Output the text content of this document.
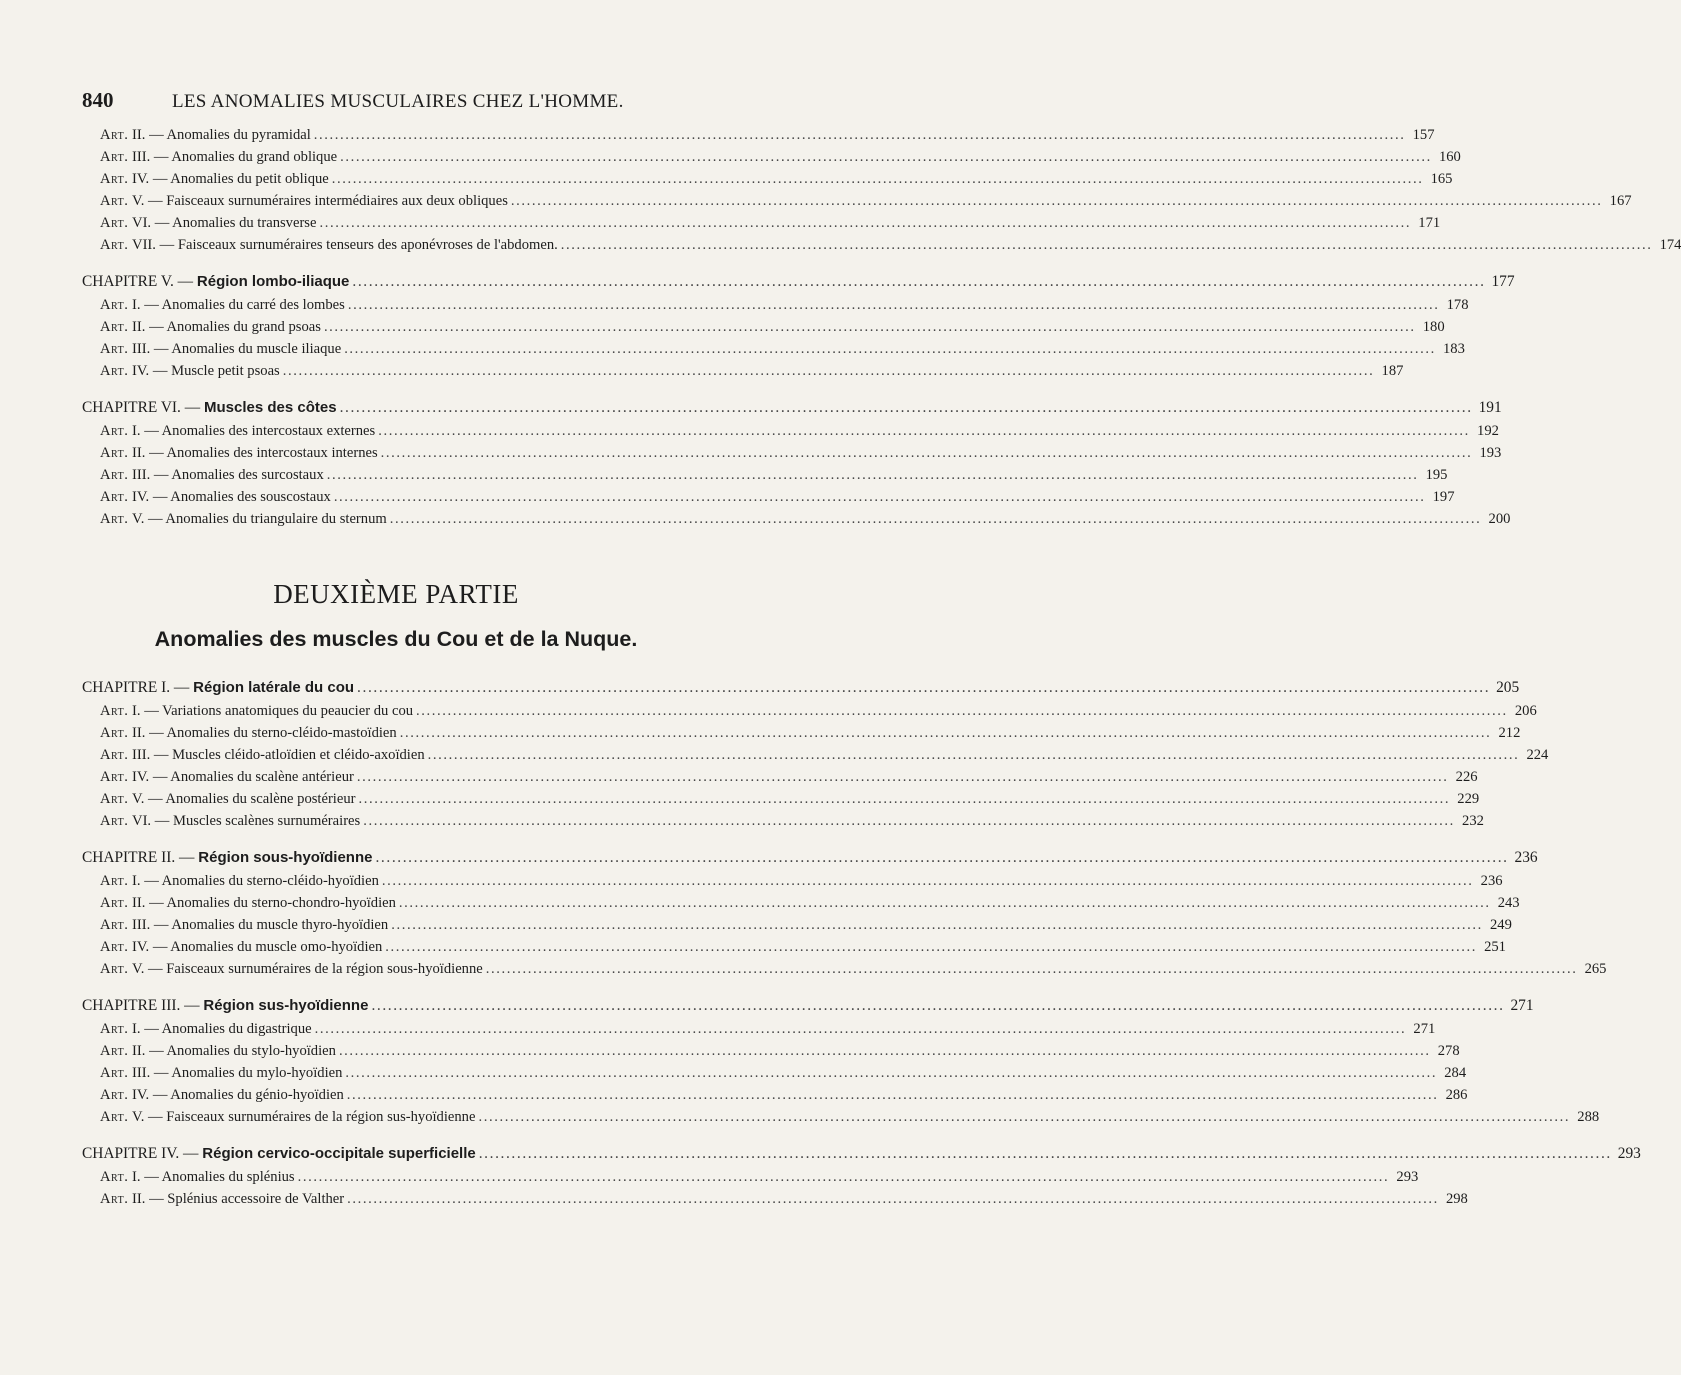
840	LES ANOMALIES MUSCULAIRES CHEZ L'HOMME.
Art. II. — Anomalies du pyramidal .....	157
Art. III. — Anomalies du grand oblique .....	160
Art. IV. — Anomalies du petit oblique .....	165
Art. V. — Faisceaux surnuméraires intermédiaires aux deux obliques .....	167
Art. VI. — Anomalies du transverse .....	171
Art. VII. — Faisceaux surnuméraires tenseurs des aponévroses de l'abdomen. .....	174
CHAPITRE V. — Région lombo-iliaque .....	177
Art. I. — Anomalies du carré des lombes .....	178
Art. II. — Anomalies du grand psoas .....	180
Art. III. — Anomalies du muscle iliaque .....	183
Art. IV. — Muscle petit psoas .....	187
CHAPITRE VI. — Muscles des côtes .....	191
Art. I. — Anomalies des intercostaux externes .....	192
Art. II. — Anomalies des intercostaux internes .....	193
Art. III. — Anomalies des surcostaux .....	195
Art. IV. — Anomalies des souscostaux .....	197
Art. V. — Anomalies du triangulaire du sternum .....	200
DEUXIÈME PARTIE
Anomalies des muscles du Cou et de la Nuque.
CHAPITRE I. — Région latérale du cou .....	205
Art. I. — Variations anatomiques du peaucier du cou .....	206
Art. II. — Anomalies du sterno-cléido-mastoïdien .....	212
Art. III. — Muscles cléido-atloïdien et cléido-axoïdien .....	224
Art. IV. — Anomalies du scalène antérieur .....	226
Art. V. — Anomalies du scalène postérieur .....	229
Art. VI. — Muscles scalènes surnuméraires .....	232
CHAPITRE II. — Région sous-hyoïdienne .....	236
Art. I. — Anomalies du sterno-cléido-hyoïdien .....	236
Art. II. — Anomalies du sterno-chondro-hyoïdien .....	243
Art. III. — Anomalies du muscle thyro-hyoïdien .....	249
Art. IV. — Anomalies du muscle omo-hyoïdien .....	251
Art. V. — Faisceaux surnuméraires de la région sous-hyoïdienne .....	265
CHAPITRE III. — Région sus-hyoïdienne .....	271
Art. I. — Anomalies du digastrique .....	271
Art. II. — Anomalies du stylo-hyoïdien .....	278
Art. III. — Anomalies du mylo-hyoïdien .....	284
Art. IV. — Anomalies du génio-hyoïdien .....	286
Art. V. — Faisceaux surnuméraires de la région sus-hyoïdienne .....	288
CHAPITRE IV. — Région cervico-occipitale superficielle .....	293
Art. I. — Anomalies du splénius .....	293
Art. II. — Splénius accessoire de Valther .....	298
